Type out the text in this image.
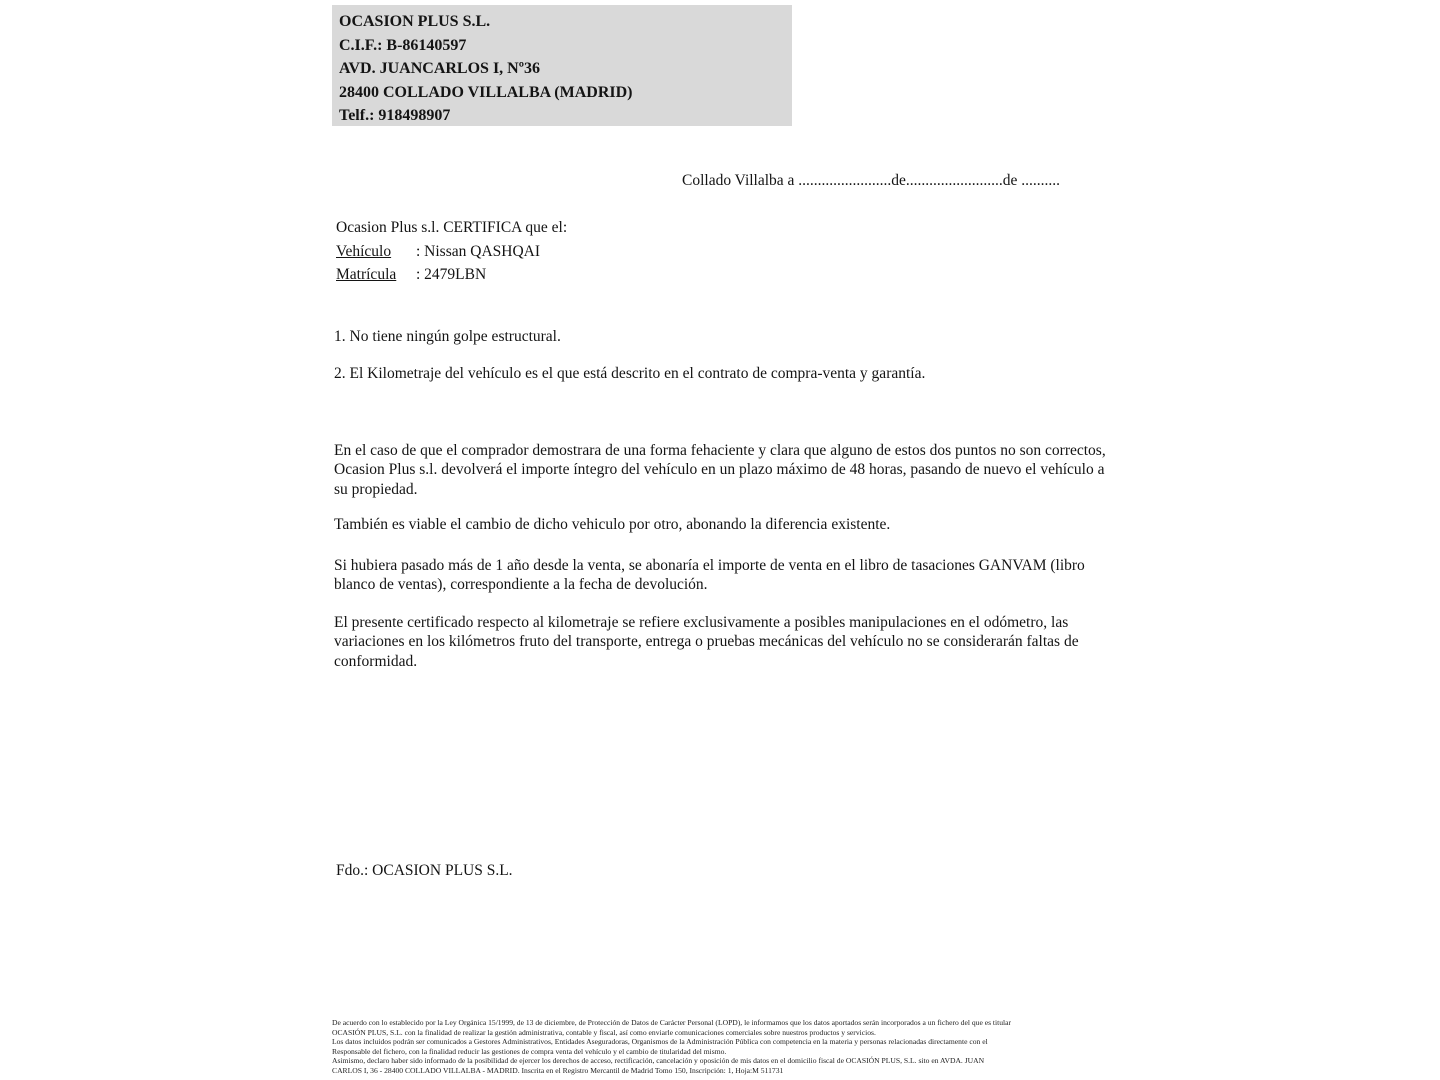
OCASION PLUS S.L.
C.I.F.: B-86140597
AVD. JUANCARLOS I, Nº36
28400 COLLADO VILLALBA (MADRID)
Telf.: 918498907
Collado Villalba a ........................de.........................de ..........
Ocasion Plus s.l. CERTIFICA que el:
Vehículo : Nissan QASHQAI
Matrícula : 2479LBN
1. No tiene ningún golpe estructural.
2. El Kilometraje del vehículo es el que está descrito en el contrato de compra-venta y garantía.
En el caso de que el comprador demostrara de una forma fehaciente y clara que alguno de estos dos puntos no son correctos, Ocasion Plus s.l. devolverá el importe íntegro del vehículo en un plazo máximo de 48 horas, pasando de nuevo el vehículo a su propiedad.
También es viable el cambio de dicho vehiculo por otro, abonando la diferencia existente.
Si hubiera pasado más de 1 año desde la venta, se abonaría el importe de venta en el libro de tasaciones GANVAM (libro blanco de ventas), correspondiente a la fecha de devolución.
El presente certificado respecto al kilometraje se refiere exclusivamente a posibles manipulaciones en el odómetro, las variaciones en los kilómetros fruto del transporte, entrega o pruebas mecánicas del vehículo no se considerarán faltas de conformidad.
Fdo.: OCASION PLUS S.L.
De acuerdo con lo establecido por la Ley Orgánica 15/1999, de 13 de diciembre, de Protección de Datos de Carácter Personal (LOPD), le informamos que los datos aportados serán incorporados a un fichero del que es titular
OCASIÓN PLUS, S.L. con la finalidad de realizar la gestión administrativa, contable y fiscal, así como enviarle comunicaciones comerciales sobre nuestros productos y servicios.
Los datos incluidos podrán ser comunicados a Gestores Administrativos, Entidades Aseguradoras, Organismos de la Administración Pública con competencia en la materia y personas relacionadas directamente con el
Responsable del fichero, con la finalidad reducir las gestiones de compra venta del vehículo y el cambio de titularidad del mismo.
Asimismo, declaro haber sido informado de la posibilidad de ejercer los derechos de acceso, rectificación, cancelación y oposición de mis datos en el domicilio fiscal de OCASIÓN PLUS, S.L. sito en AVDA. JUAN
CARLOS I, 36 - 28400 COLLADO VILLALBA - MADRID. Inscrita en el Registro Mercantil de Madrid Tomo 150, Inscripción: 1, Hoja:M 511731
